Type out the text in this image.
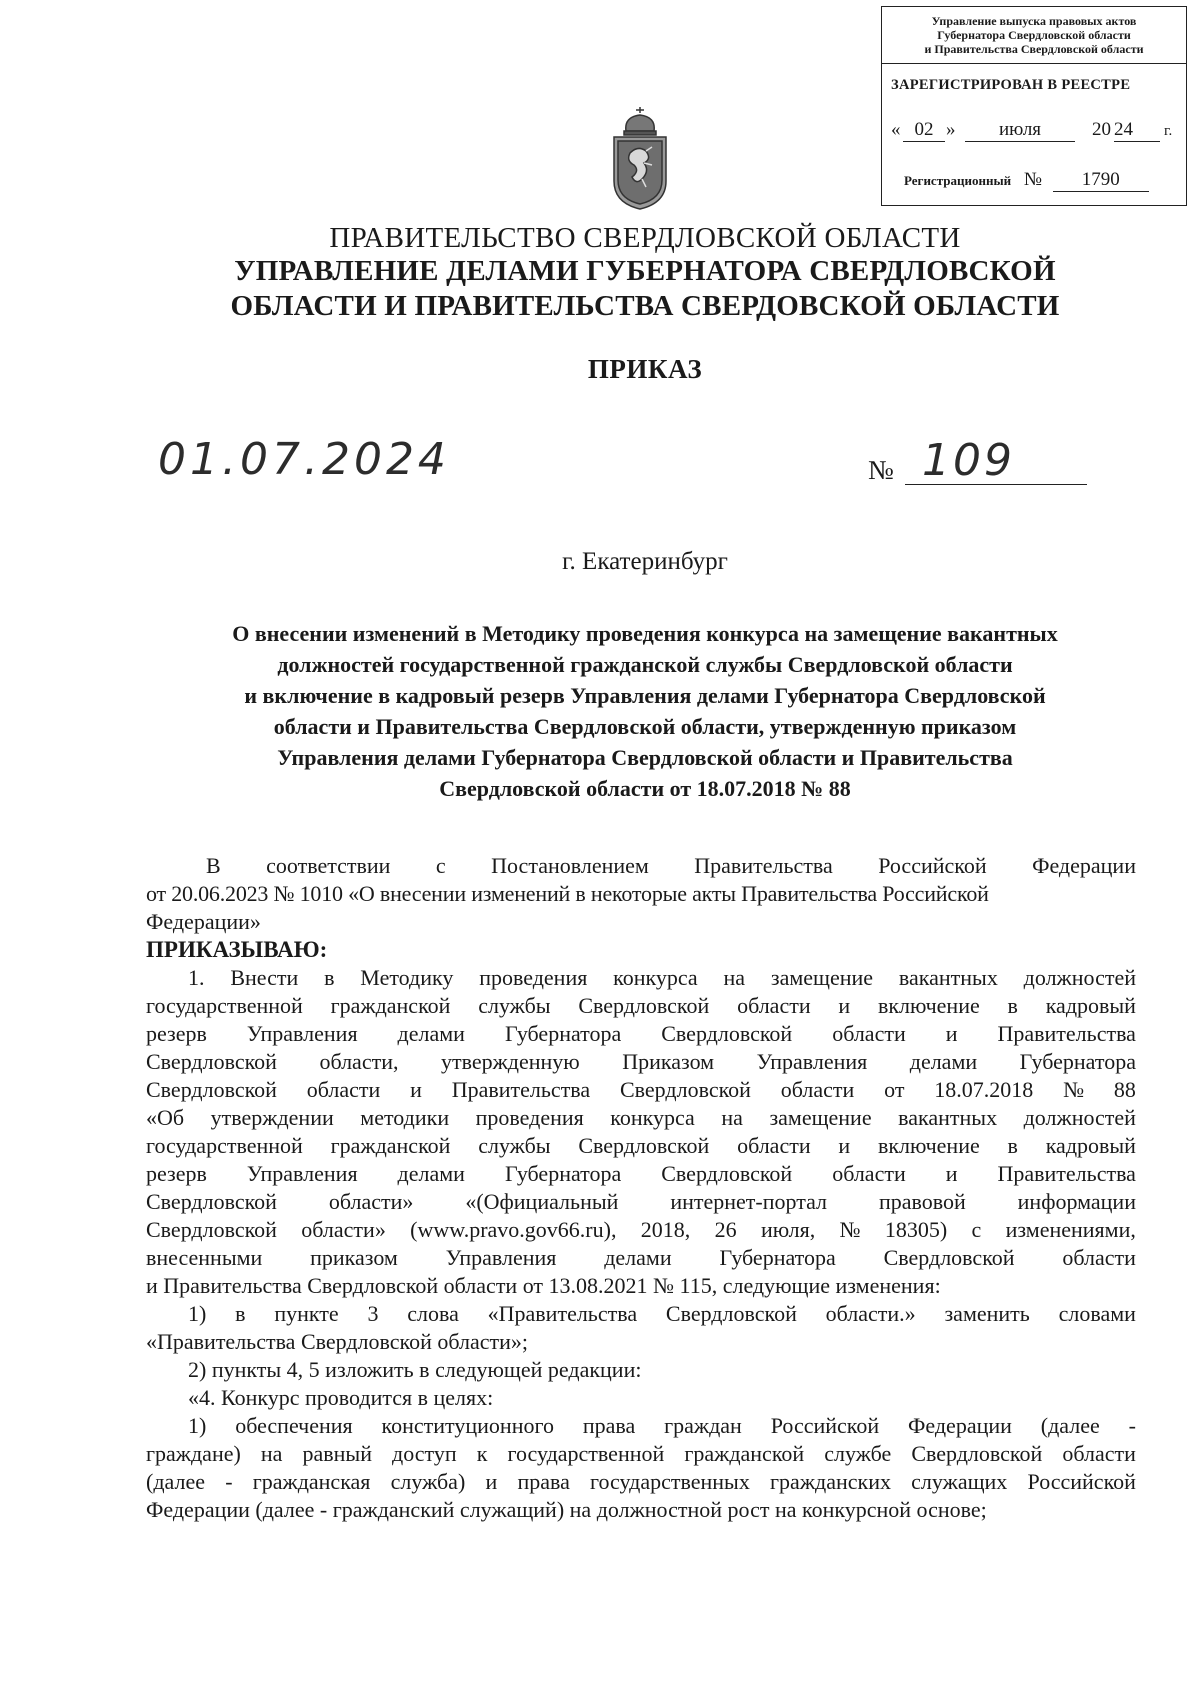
Управление выпуска правовых актов
Губернатора Свердловской области
и Правительства Свердловской области
ЗАРЕГИСТРИРОВАН В РЕЕСТРЕ
« 02 »	июля	20 24	г.
Регистрационный № 1790
ПРАВИТЕЛЬСТВО СВЕРДЛОВСКОЙ ОБЛАСТИ
УПРАВЛЕНИЕ ДЕЛАМИ ГУБЕРНАТОРА СВЕРДЛОВСКОЙ
ОБЛАСТИ И ПРАВИТЕЛЬСТВА СВЕРДОВСКОЙ ОБЛАСТИ
ПРИКАЗ
01.07.2024	№ 109
г. Екатеринбург
О внесении изменений в Методику проведения конкурса на замещение вакантных
должностей государственной гражданской службы Свердловской области
и включение в кадровый резерв Управления делами Губернатора Свердловской
области и Правительства Свердловской области, утвержденную приказом
Управления делами Губернатора Свердловской области и Правительства
Свердловской области от 18.07.2018 № 88
В соответствии с Постановлением Правительства Российской Федерации
от 20.06.2023 № 1010 «О внесении изменений в некоторые акты Правительства Российской
Федерации»
ПРИКАЗЫВАЮ:
1. Внести в Методику проведения конкурса на замещение вакантных должностей
государственной гражданской службы Свердловской области и включение в кадровый
резерв Управления делами Губернатора Свердловской области и Правительства
Свердловской области, утвержденную Приказом Управления делами Губернатора
Свердловской области и Правительства Свердловской области от 18.07.2018 № 88
«Об утверждении методики проведения конкурса на замещение вакантных должностей
государственной гражданской службы Свердловской области и включение в кадровый
резерв Управления делами Губернатора Свердловской области и Правительства
Свердловской области» «(Официальный интернет-портал правовой информации
Свердловской области» (www.pravo.gov66.ru), 2018, 26 июля, № 18305) с изменениями,
внесенными приказом Управления делами Губернатора Свердловской области
и Правительства Свердловской области от 13.08.2021 № 115, следующие изменения:
1) в пункте 3 слова «Правительства Свердловской области.» заменить словами
«Правительства Свердловской области»;
2) пункты 4, 5 изложить в следующей редакции:
«4. Конкурс проводится в целях:
1) обеспечения конституционного права граждан Российской Федерации (далее -
граждане) на равный доступ к государственной гражданской службе Свердловской области
(далее - гражданская служба) и права государственных гражданских служащих Российской
Федерации (далее - гражданский служащий) на должностной рост на конкурсной основе;
